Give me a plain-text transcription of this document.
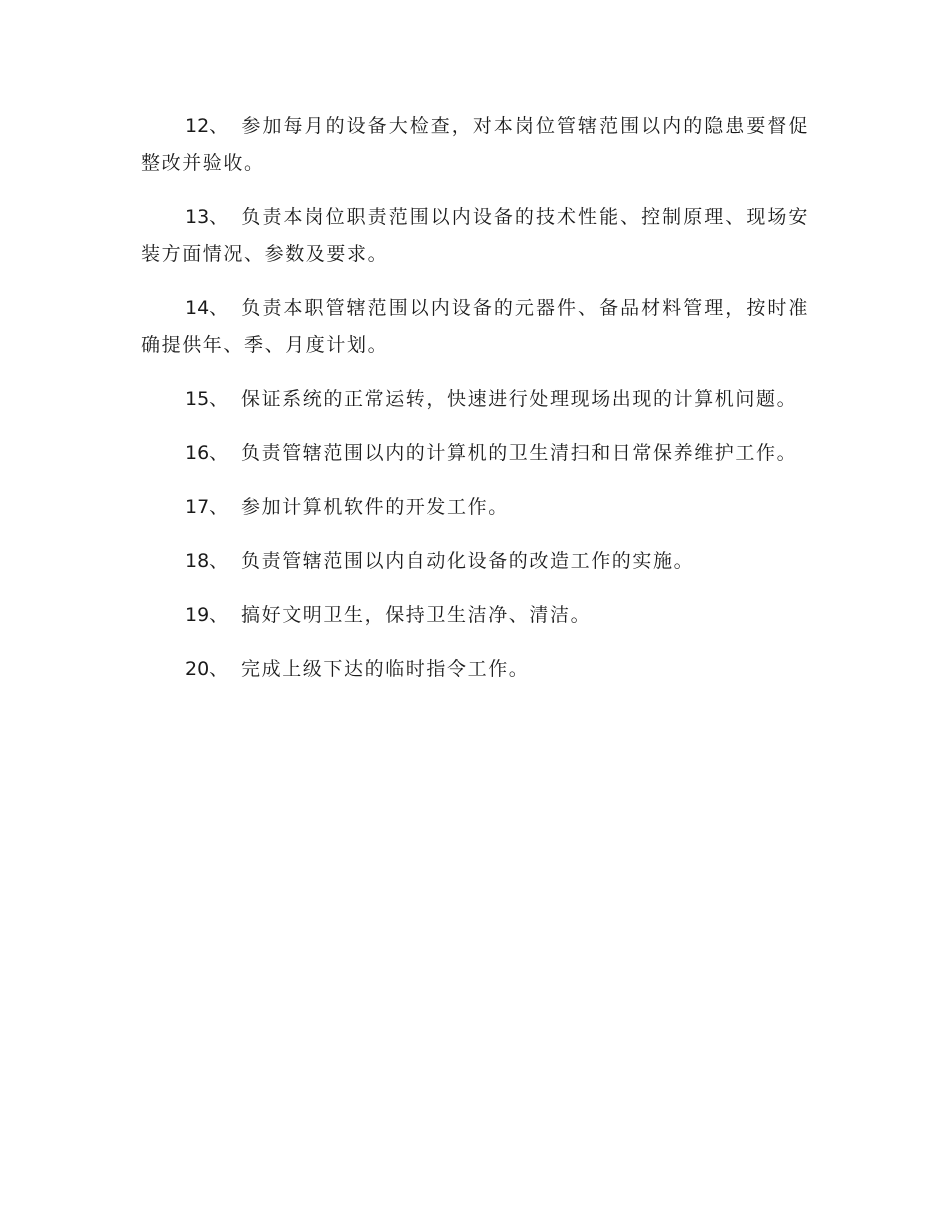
12、 参加每月的设备大检查，对本岗位管辖范围以内的隐患要督促整改并验收。

13、 负责本岗位职责范围以内设备的技术性能、控制原理、现场安装方面情况、参数及要求。

14、 负责本职管辖范围以内设备的元器件、备品材料管理，按时准确提供年、季、月度计划。

15、 保证系统的正常运转，快速进行处理现场出现的计算机问题。

16、 负责管辖范围以内的计算机的卫生清扫和日常保养维护工作。

17、 参加计算机软件的开发工作。

18、 负责管辖范围以内自动化设备的改造工作的实施。

19、 搞好文明卫生，保持卫生洁净、清洁。

20、 完成上级下达的临时指令工作。
